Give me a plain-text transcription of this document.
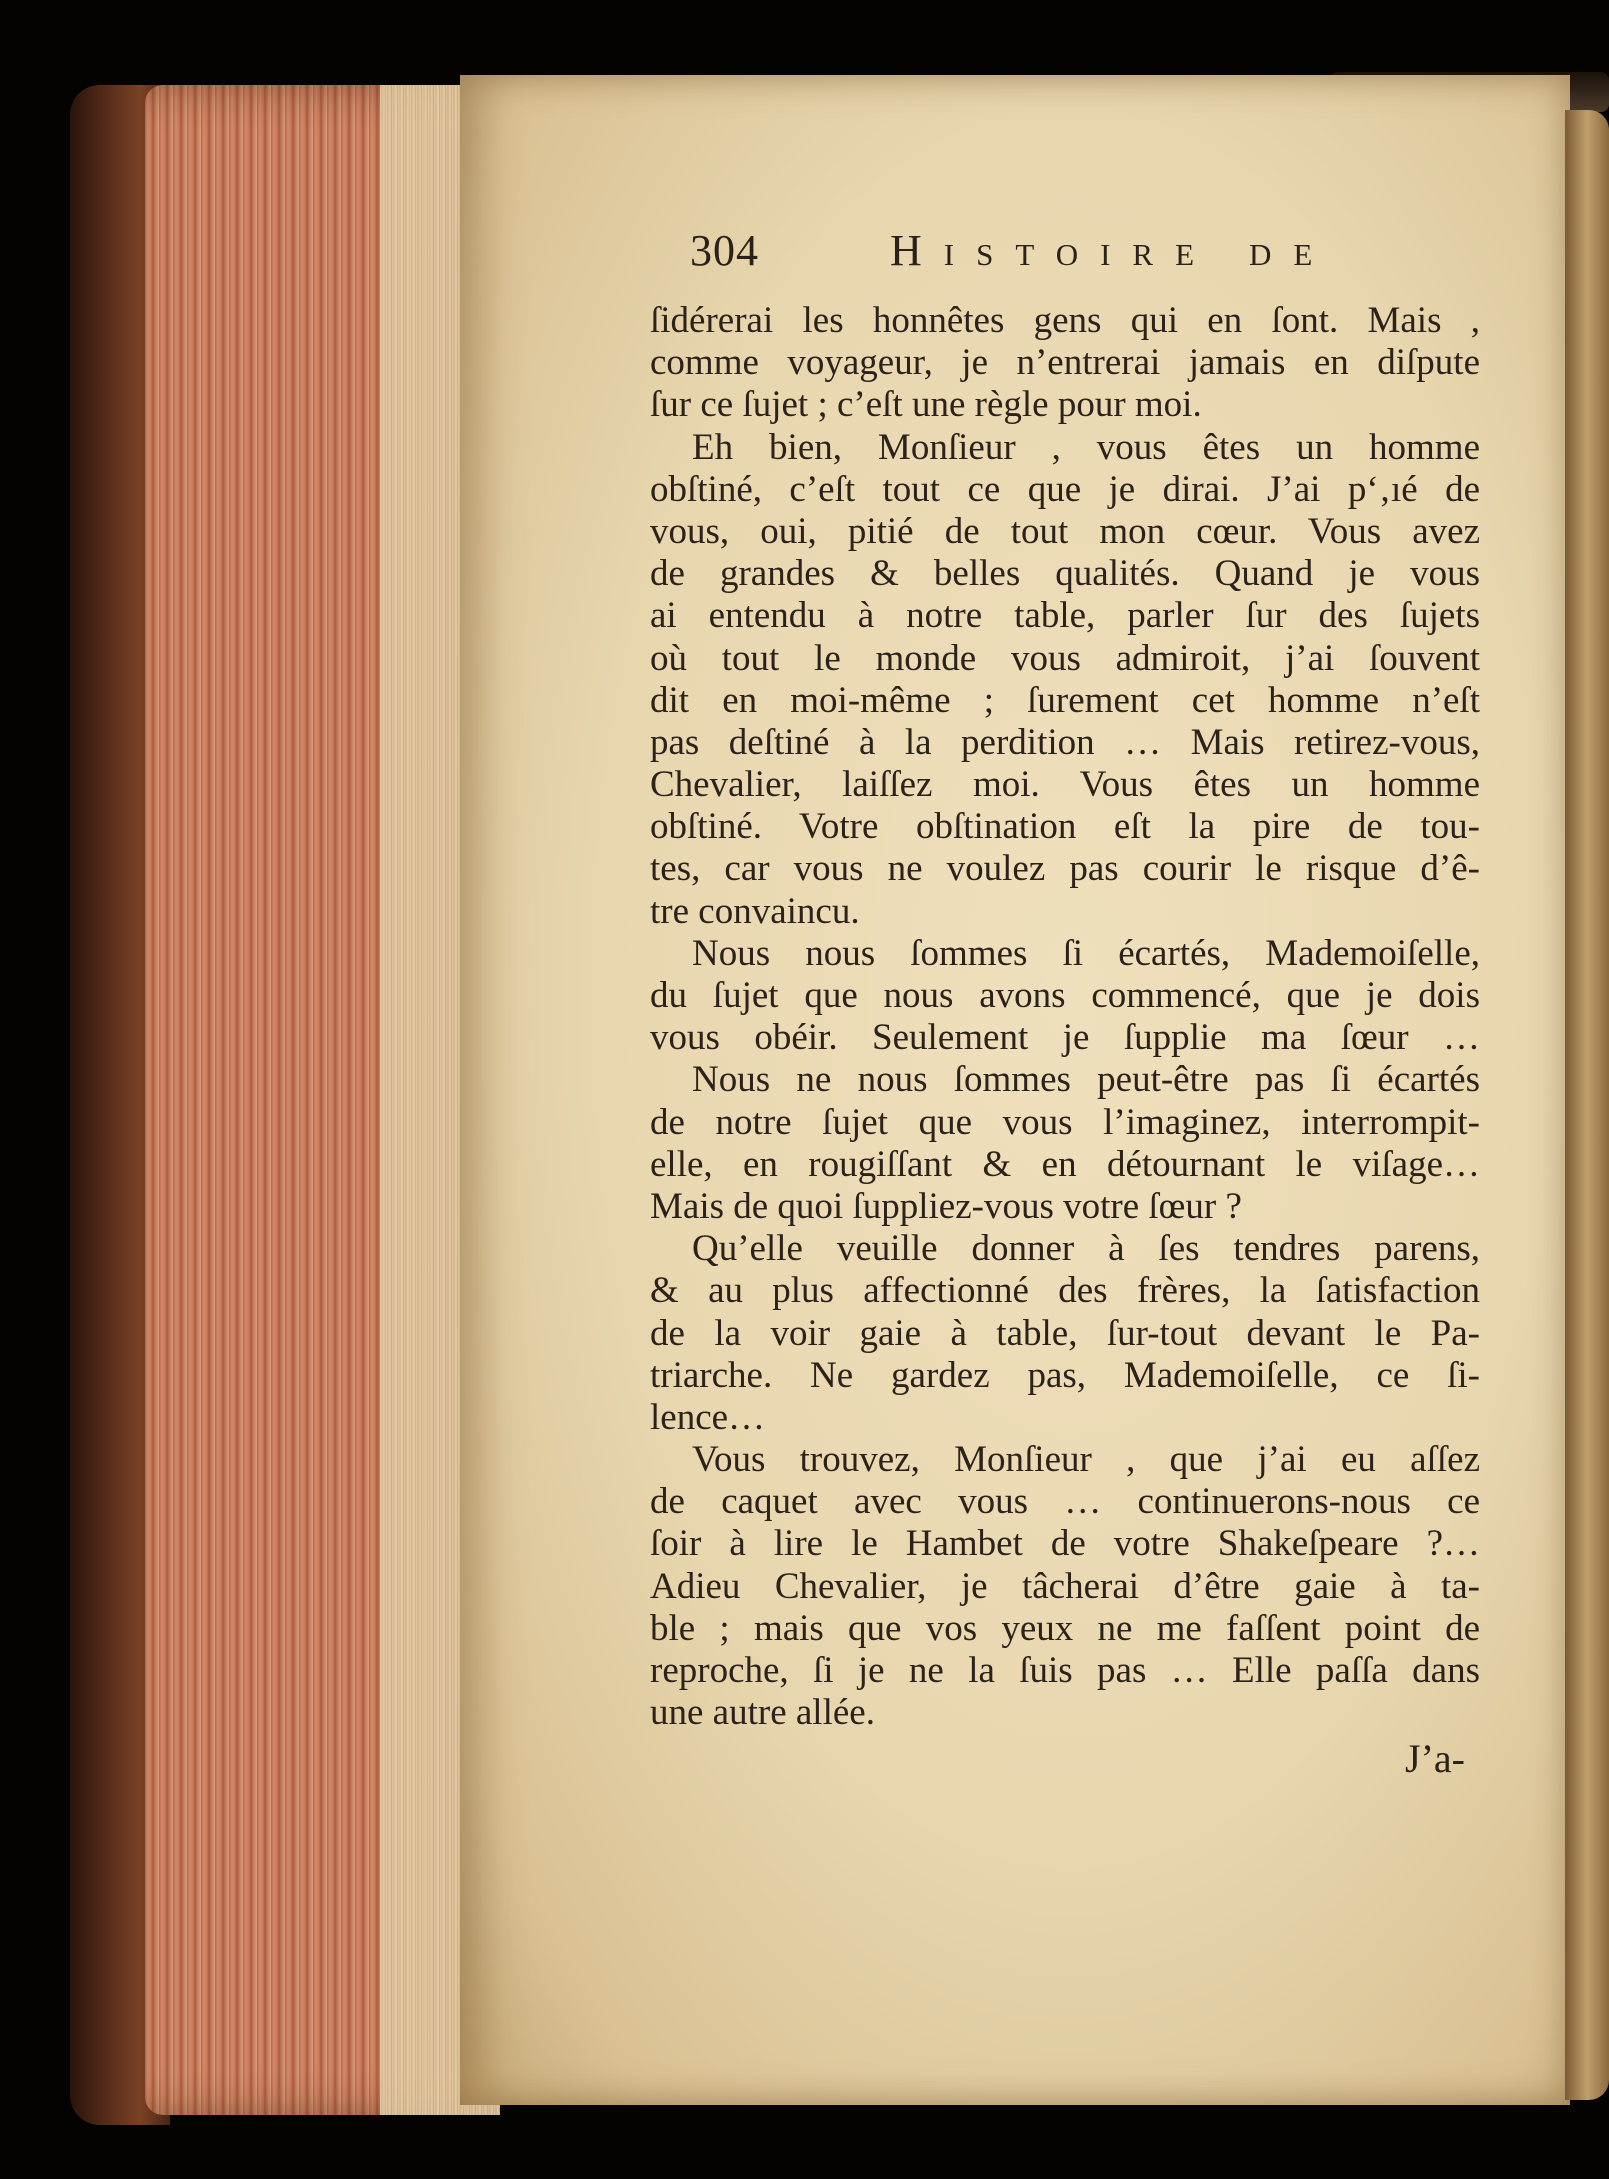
304	Histoire de
ſidérerai les honnêtes gens qui en ſont. Mais ,
comme voyageur, je n’entrerai jamais en diſpute
ſur ce ſujet ; c’eſt une règle pour moi.
Eh bien, Monſieur , vous êtes un homme
obſtiné, c’eſt tout ce que je dirai. J’ai p‘‚ıé de
vous, oui, pitié de tout mon cœur. Vous avez
de grandes & belles qualités. Quand je vous
ai entendu à notre table, parler ſur des ſujets
où tout le monde vous admiroit, j’ai ſouvent
dit en moi-même ; ſurement cet homme n’eſt
pas deſtiné à la perdition … Mais retirez-vous,
Chevalier, laiſſez moi. Vous êtes un homme
obſtiné. Votre obſtination eſt la pire de tou-
tes, car vous ne voulez pas courir le risque d’ê-
tre convaincu.
Nous nous ſommes ſi écartés, Mademoiſelle,
du ſujet que nous avons commencé, que je dois
vous obéir. Seulement je ſupplie ma ſœur …
Nous ne nous ſommes peut-être pas ſi écartés
de notre ſujet que vous l’imaginez, interrompit-
elle, en rougiſſant & en détournant le viſage…
Mais de quoi ſuppliez-vous votre ſœur ?
Qu’elle veuille donner à ſes tendres parens,
& au plus affectionné des frères, la ſatisfaction
de la voir gaie à table, ſur-tout devant le Pa-
triarche. Ne gardez pas, Mademoiſelle, ce ſi-
lence…
Vous trouvez, Monſieur , que j’ai eu aſſez
de caquet avec vous … continuerons-nous ce
ſoir à lire le Hambet de votre Shakeſpeare ?…
Adieu Chevalier, je tâcherai d’être gaie à ta-
ble ; mais que vos yeux ne me faſſent point de
reproche, ſi je ne la ſuis pas … Elle paſſa dans
une autre allée.
J’a-
